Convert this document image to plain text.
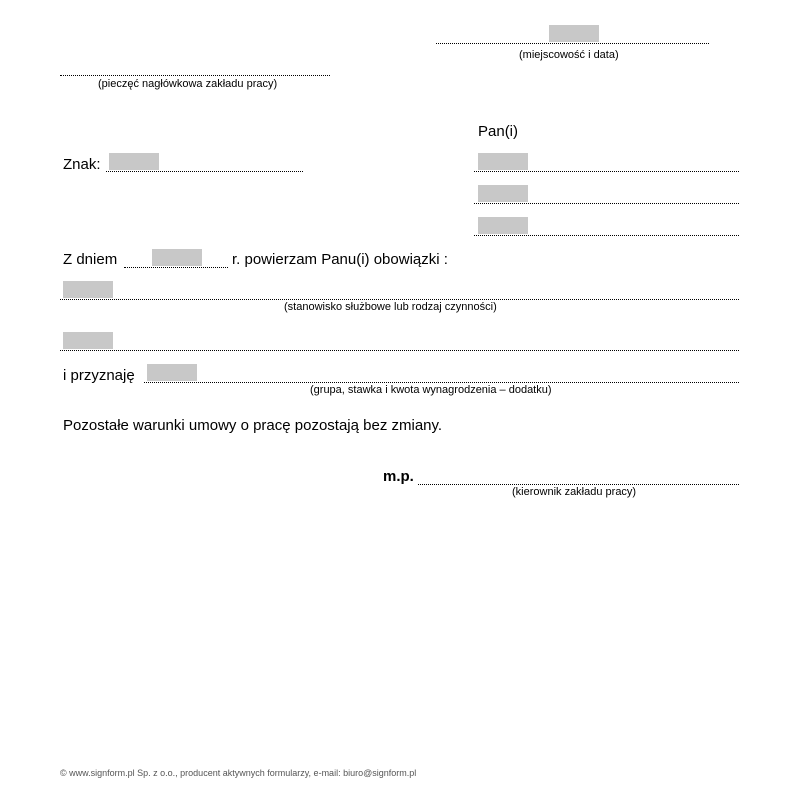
(miejscowość i data)
(pieczęć nagłówkowa zakładu pracy)
Pan(i)
Znak:
Z dniem	r. powierzam Panu(i) obowiązki :
(stanowisko służbowe lub rodzaj czynności)
i przyznaję
(grupa, stawka i kwota wynagrodzenia – dodatku)
Pozostałe warunki umowy o pracę pozostają bez zmiany.
m.p.
(kierownik zakładu pracy)
© www.signform.pl Sp. z o.o., producent aktywnych formularzy, e-mail: biuro@signform.pl
